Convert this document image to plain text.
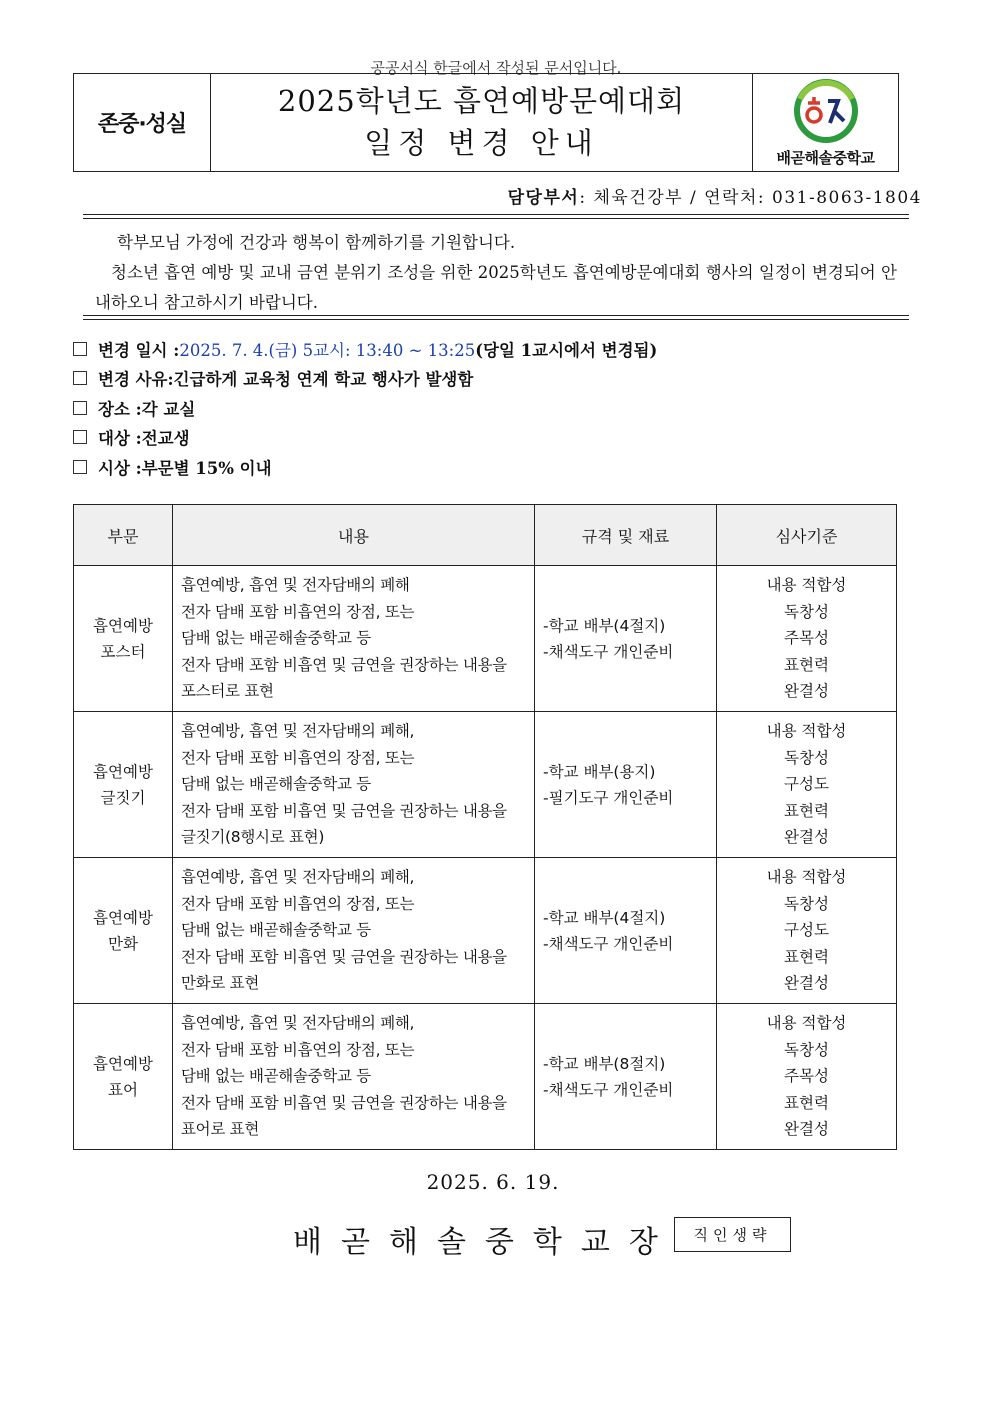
공공서식 한글에서 작성된 문서입니다.
존중·성실
2025학년도 흡연예방문예대회
일정 변경 안내	배곧해솔중학교
담당부서: 체육건강부 / 연락처: 031-8063-1804

학부모님 가정에 건강과 행복이 함께하기를 기원합니다.

청소년 흡연 예방 및 교내 금연 분위기 조성을 위한 2025학년도 흡연예방문예대회 행사의 일정이 변경되어 안내하오니 참고하시기 바랍니다.

변경 일시 : 2025. 7. 4.(금) 5교시: 13:40 ~ 13:25 (당일 1교시에서 변경됨)
변경 사유: 긴급하게 교육청 연계 학교 행사가 발생함
장소 : 각 교실
대상 : 전교생
시상 : 부문별 15% 이내
부문	내용	규격 및 재료	심사기준

흡연예방
포스터	흡연예방, 흡연 및 전자담배의 폐해
전자 담배 포함 비흡연의 장점, 또는
담배 없는 배곧해솔중학교 등
전자 담배 포함 비흡연 및 금연을 권장하는 내용을
포스터로 표현	-학교 배부(4절지)
-채색도구 개인준비	내용 적합성
독창성
주목성
표현력
완결성

흡연예방
글짓기	흡연예방, 흡연 및 전자담배의 폐해,
전자 담배 포함 비흡연의 장점, 또는
담배 없는 배곧해솔중학교 등
전자 담배 포함 비흡연 및 금연을 권장하는 내용을
글짓기(8행시로 표현)	-학교 배부(용지)
-필기도구 개인준비	내용 적합성
독창성
구성도
표현력
완결성

흡연예방
만화	흡연예방, 흡연 및 전자담배의 폐해,
전자 담배 포함 비흡연의 장점, 또는
담배 없는 배곧해솔중학교 등
전자 담배 포함 비흡연 및 금연을 권장하는 내용을
만화로 표현	-학교 배부(4절지)
-채색도구 개인준비	내용 적합성
독창성
구성도
표현력
완결성

흡연예방
표어	흡연예방, 흡연 및 전자담배의 폐해,
전자 담배 포함 비흡연의 장점, 또는
담배 없는 배곧해솔중학교 등
전자 담배 포함 비흡연 및 금연을 권장하는 내용을
표어로 표현	-학교 배부(8절지)
-채색도구 개인준비	내용 적합성
독창성
주목성
표현력
완결성
2025. 6. 19.
배곧해솔중학교장	직인생략
